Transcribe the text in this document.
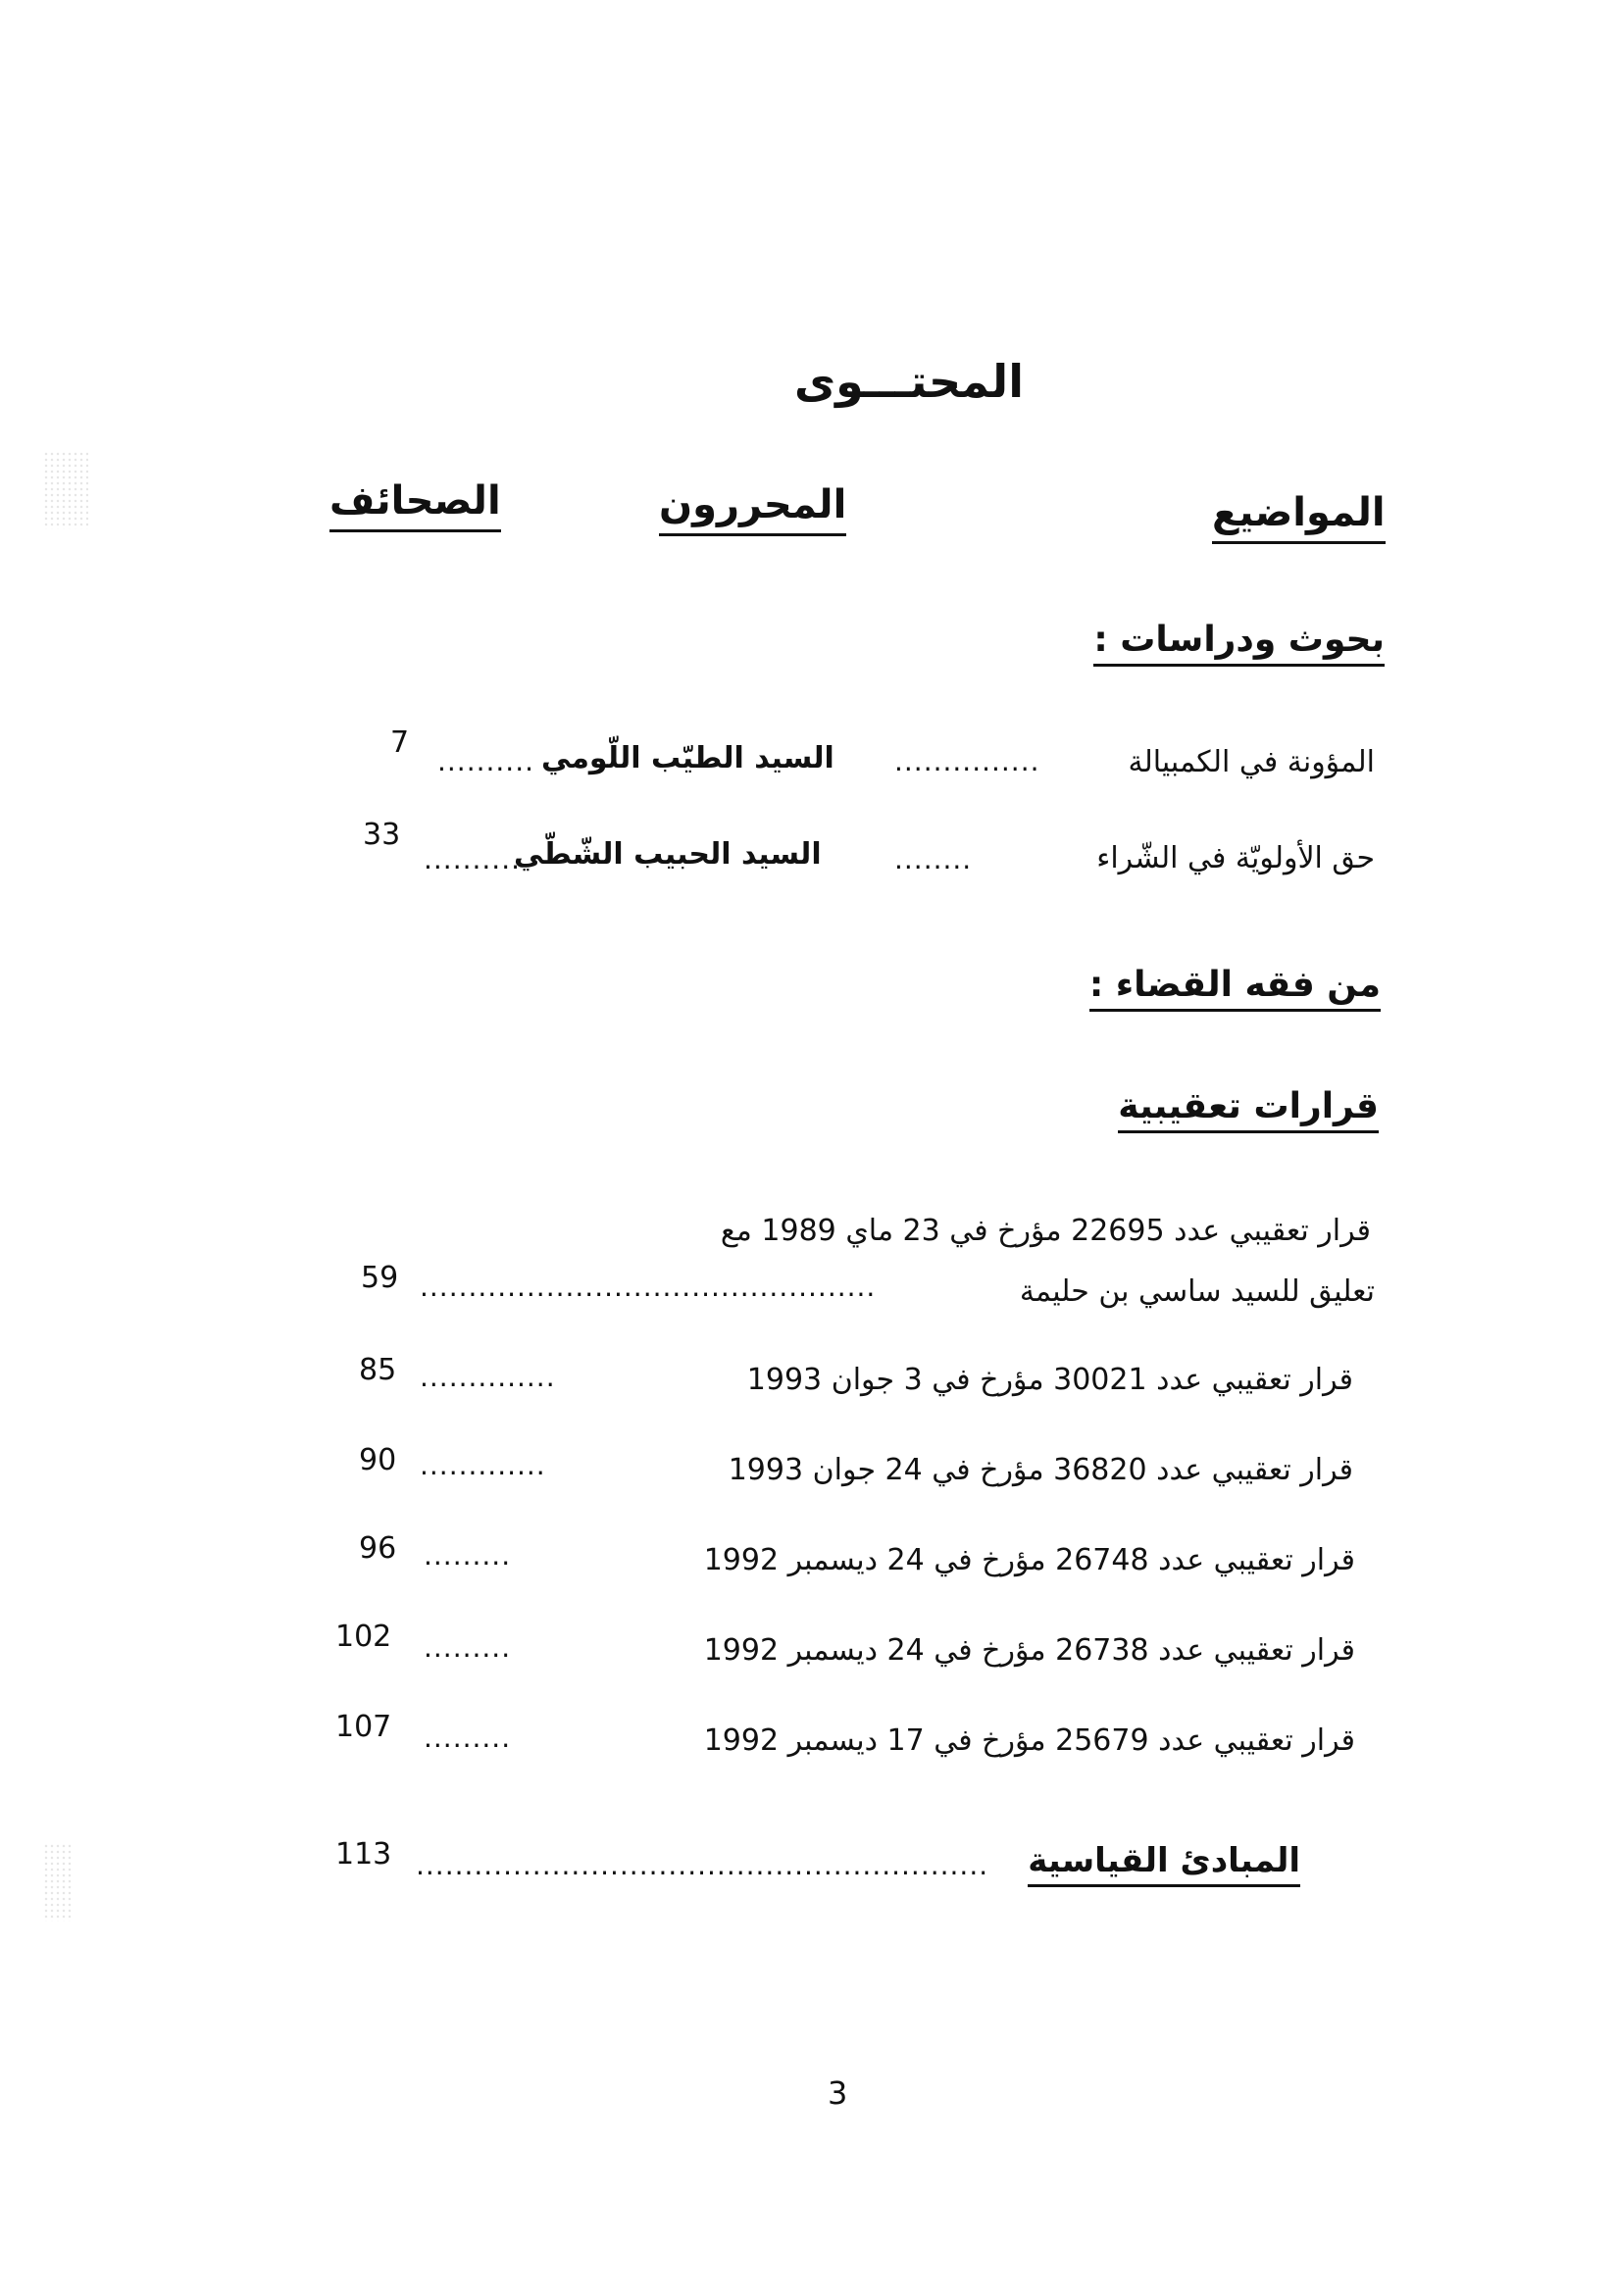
المحتـــوى
المواضيع
المحررون
الصحائف
بحوث ودراسات :
المؤونة في الكمبيالة
...............
السيد الطيّب اللّومي
..........
7
حق الأولويّة في الشّراء
........
السيد الحبيب الشّطّي
..........
33
من فقه القضاء :
قرارات تعقيبية
قرار تعقيبي عدد 22695 مؤرخ في 23 ماي 1989 مع
تعليق للسيد ساسي بن حليمة
...............................................
59
قرار تعقيبي عدد 30021 مؤرخ في 3 جوان 1993
..............
85
قرار تعقيبي عدد 36820 مؤرخ في 24 جوان 1993
.............
90
قرار تعقيبي عدد 26748 مؤرخ في 24 ديسمبر 1992
.........
96
قرار تعقيبي عدد 26738 مؤرخ في 24 ديسمبر 1992
.........
102
قرار تعقيبي عدد 25679 مؤرخ في 17 ديسمبر 1992
.........
107
المبادئ القياسية
...........................................................
113
3
